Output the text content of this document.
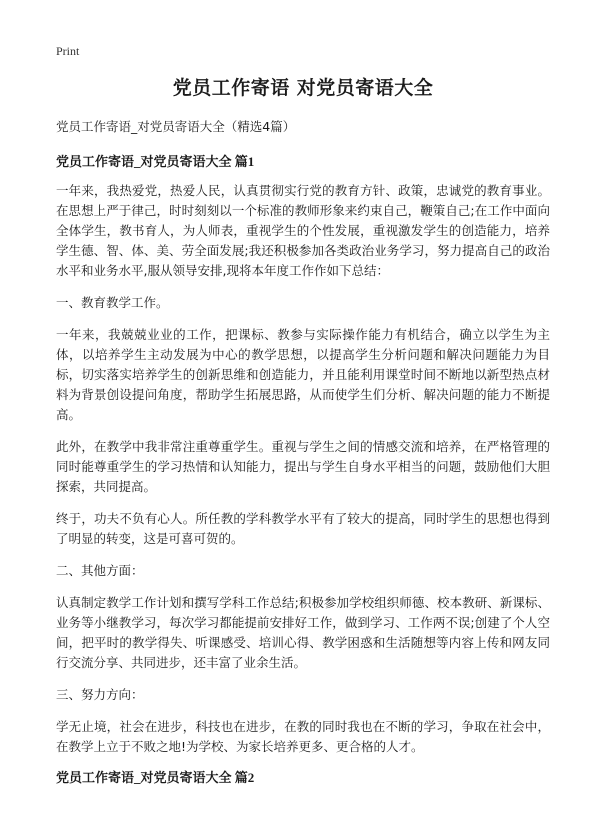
Print
党员工作寄语 对党员寄语大全
党员工作寄语_对党员寄语大全（精选4篇）
党员工作寄语_对党员寄语大全 篇1

一年来，我热爱党，热爱人民，认真贯彻实行党的教育方针、政策，忠诚党的教育事业。在思想上严于律己，时时刻刻以一个标准的教师形象来约束自己，鞭策自己;在工作中面向全体学生，教书育人，为人师表，重视学生的个性发展，重视激发学生的创造能力，培养学生德、智、体、美、劳全面发展;我还积极参加各类政治业务学习，努力提高自己的政治水平和业务水平,服从领导安排,现将本年度工作作如下总结：

一、教育教学工作。

一年来，我兢兢业业的工作，把课标、教参与实际操作能力有机结合，确立以学生为主体，以培养学生主动发展为中心的教学思想，以提高学生分析问题和解决问题能力为目标，切实落实培养学生的创新思维和创造能力，并且能利用课堂时间不断地以新型热点材料为背景创设提问角度，帮助学生拓展思路，从而使学生们分析、解决问题的能力不断提高。

此外，在教学中我非常注重尊重学生。重视与学生之间的情感交流和培养，在严格管理的同时能尊重学生的学习热情和认知能力，提出与学生自身水平相当的问题，鼓励他们大胆探索，共同提高。

终于，功夫不负有心人。所任教的学科教学水平有了较大的提高，同时学生的思想也得到了明显的转变，这是可喜可贺的。

二、其他方面：

认真制定教学工作计划和撰写学科工作总结;积极参加学校组织师德、校本教研、新课标、业务等小继教学习，每次学习都能提前安排好工作，做到学习、工作两不误;创建了个人空间，把平时的教学得失、听课感受、培训心得、教学困惑和生活随想等内容上传和网友同行交流分享、共同进步，还丰富了业余生活。

三、努力方向：

学无止境，社会在进步，科技也在进步，在教的同时我也在不断的学习，争取在社会中，在教学上立于不败之地!为学校、为家长培养更多、更合格的人才。

党员工作寄语_对党员寄语大全 篇2
